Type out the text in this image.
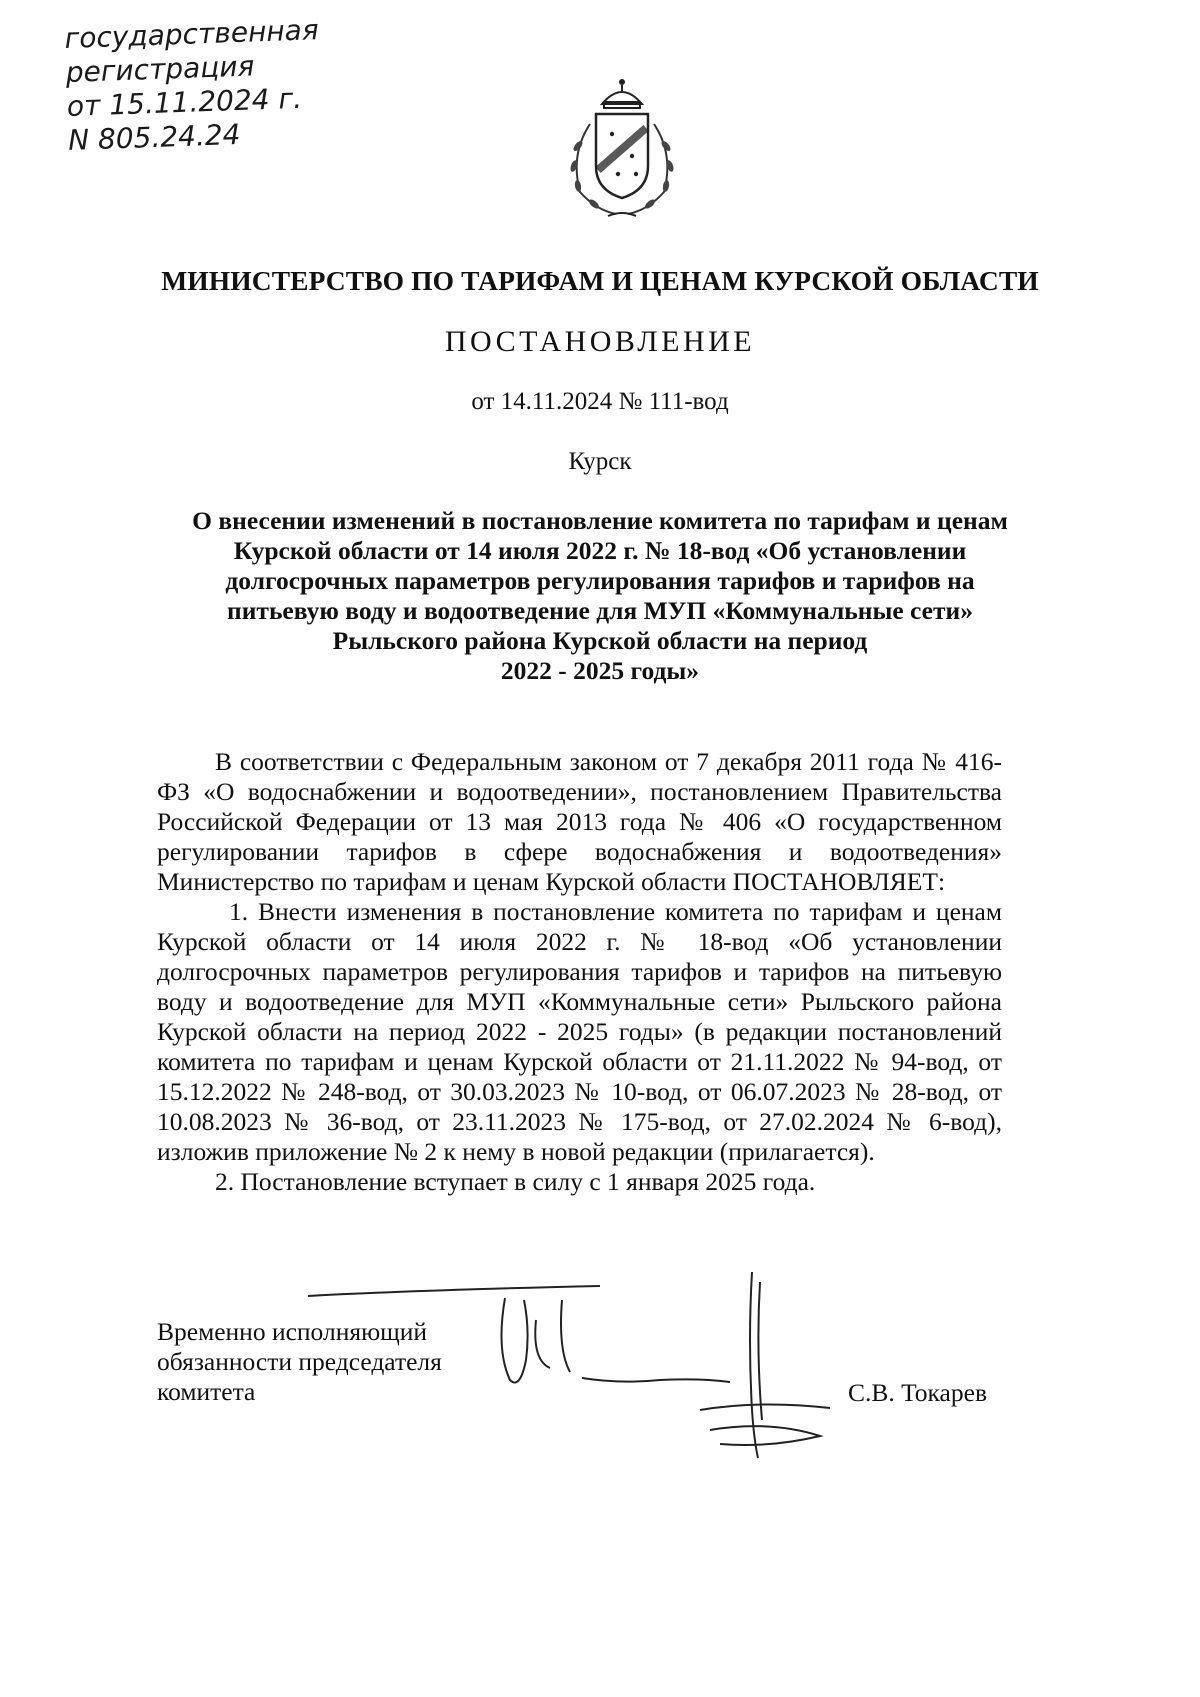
государственная
регистрация
от 15.11.2024 г.
N 805.24.24
МИНИСТЕРСТВО ПО ТАРИФАМ И ЦЕНАМ КУРСКОЙ ОБЛАСТИ
ПОСТАНОВЛЕНИЕ
от 14.11.2024 № 111-вод
Курск
О внесении изменений в постановление комитета по тарифам и ценам
Курской области от 14 июля 2022 г. № 18-вод «Об установлении
долгосрочных параметров регулирования тарифов и тарифов на
питьевую воду и водоотведение для МУП «Коммунальные сети»
Рыльского района Курской области на период
2022 - 2025 годы»

В соответствии с Федеральным законом от 7 декабря 2011 года № 416-ФЗ «О водоснабжении и водоотведении», постановлением Правительства Российской Федерации от 13 мая 2013 года № 406 «О государственном регулировании тарифов в сфере водоснабжения и водоотведения» Министерство по тарифам и ценам Курской области ПОСТАНОВЛЯЕТ:

1. Внести изменения в постановление комитета по тарифам и ценам Курской области от 14 июля 2022 г. № 18-вод «Об установлении долгосрочных параметров регулирования тарифов и тарифов на питьевую воду и водоотведение для МУП «Коммунальные сети» Рыльского района Курской области на период 2022 - 2025 годы» (в редакции постановлений комитета по тарифам и ценам Курской области от 21.11.2022 № 94-вод, от 15.12.2022 № 248-вод, от 30.03.2023 № 10-вод, от 06.07.2023 № 28-вод, от 10.08.2023 № 36-вод, от 23.11.2023 № 175-вод, от 27.02.2024 № 6-вод), изложив приложение № 2 к нему в новой редакции (прилагается).

2. Постановление вступает в силу с 1 января 2025 года.

Временно исполняющий
обязанности председателя
комитета	С.В. Токарев
